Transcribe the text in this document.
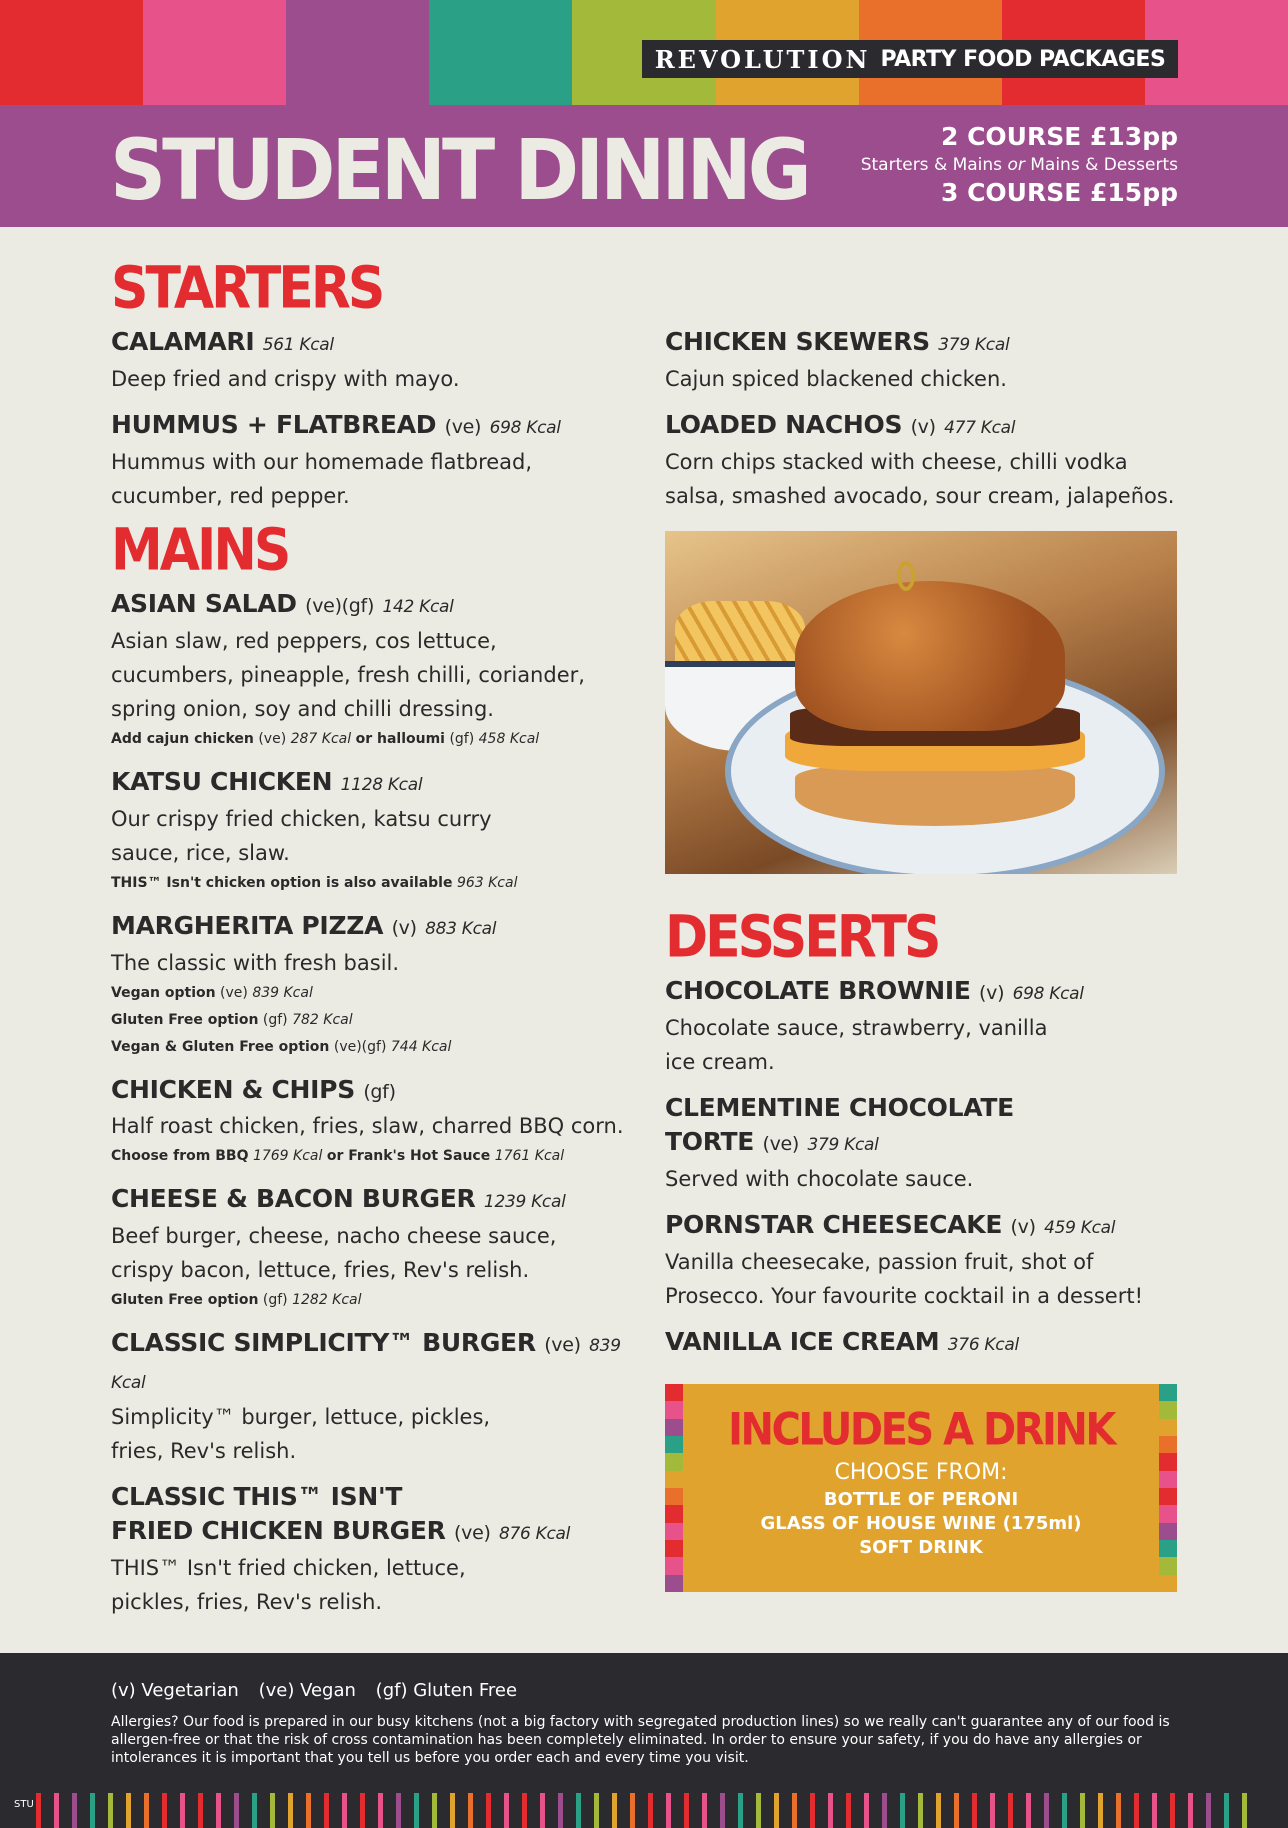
REVOLUTION PARTY FOOD PACKAGES
STUDENT DINING	2 COURSE £13pp
Starters & Mains or Mains & Desserts
3 COURSE £15pp
STARTERS
CALAMARI 561 Kcal
Deep fried and crispy with mayo.
HUMMUS + FLATBREAD (ve) 698 Kcal
Hummus with our homemade flatbread, cucumber, red pepper.
MAINS
ASIAN SALAD (ve)(gf) 142 Kcal
Asian slaw, red peppers, cos lettuce, cucumbers, pineapple, fresh chilli, coriander, spring onion, soy and chilli dressing.
Add cajun chicken (ve) 287 Kcal or halloumi (gf) 458 Kcal
KATSU CHICKEN 1128 Kcal
Our crispy fried chicken, katsu curry sauce, rice, slaw.
THIS™ Isn't chicken option is also available 963 Kcal
MARGHERITA PIZZA (v) 883 Kcal
The classic with fresh basil.
Vegan option (ve) 839 Kcal
Gluten Free option (gf) 782 Kcal
Vegan & Gluten Free option (ve)(gf) 744 Kcal
CHICKEN & CHIPS (gf)
Half roast chicken, fries, slaw, charred BBQ corn.
Choose from BBQ 1769 Kcal or Frank's Hot Sauce 1761 Kcal
CHEESE & BACON BURGER 1239 Kcal
Beef burger, cheese, nacho cheese sauce, crispy bacon, lettuce, fries, Rev's relish.
Gluten Free option (gf) 1282 Kcal
CLASSIC SIMPLICITY™ BURGER (ve) 839 Kcal
Simplicity™ burger, lettuce, pickles, fries, Rev's relish.
CLASSIC THIS™ ISN'T
FRIED CHICKEN BURGER (ve) 876 Kcal
THIS™ Isn't fried chicken, lettuce, pickles, fries, Rev's relish.
CHICKEN SKEWERS 379 Kcal
Cajun spiced blackened chicken.
LOADED NACHOS (v) 477 Kcal
Corn chips stacked with cheese, chilli vodka salsa, smashed avocado, sour cream, jalapeños.
DESSERTS
CHOCOLATE BROWNIE (v) 698 Kcal
Chocolate sauce, strawberry, vanilla ice cream.
CLEMENTINE CHOCOLATE
TORTE (ve) 379 Kcal
Served with chocolate sauce.
PORNSTAR CHEESECAKE (v) 459 Kcal
Vanilla cheesecake, passion fruit, shot of Prosecco. Your favourite cocktail in a dessert!
VANILLA ICE CREAM 376 Kcal
INCLUDES A DRINK
CHOOSE FROM:
BOTTLE OF PERONI
GLASS OF HOUSE WINE (175ml)
SOFT DRINK
(v) Vegetarian (ve) Vegan (gf) Gluten Free
Allergies? Our food is prepared in our busy kitchens (not a big factory with segregated production lines) so we really can't guarantee any of our food is allergen-free or that the risk of cross contamination has been completely eliminated. In order to ensure your safety, if you do have any allergies or intolerances it is important that you tell us before you order each and every time you visit.
STU
